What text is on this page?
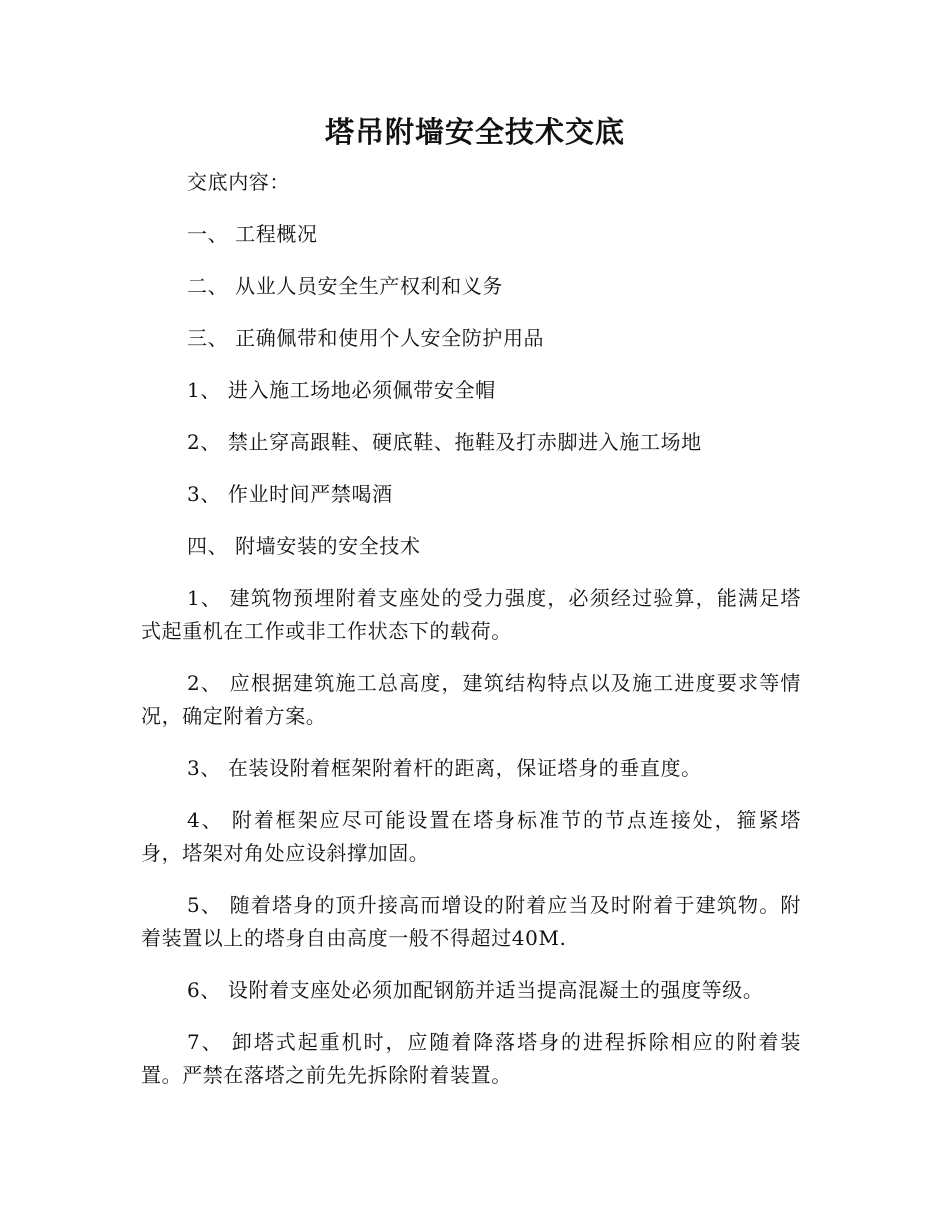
塔吊附墙安全技术交底

交底内容：

一、 工程概况

二、 从业人员安全生产权利和义务

三、 正确佩带和使用个人安全防护用品

1、 进入施工场地必须佩带安全帽

2、 禁止穿高跟鞋、硬底鞋、拖鞋及打赤脚进入施工场地

3、 作业时间严禁喝酒

四、 附墙安装的安全技术

1、 建筑物预埋附着支座处的受力强度，必须经过验算，能满足塔式起重机在工作或非工作状态下的载荷。

2、 应根据建筑施工总高度，建筑结构特点以及施工进度要求等情况，确定附着方案。

3、 在装设附着框架附着杆的距离，保证塔身的垂直度。

4、 附着框架应尽可能设置在塔身标准节的节点连接处，箍紧塔身，塔架对角处应设斜撑加固。

5、 随着塔身的顶升接高而增设的附着应当及时附着于建筑物。附着装置以上的塔身自由高度一般不得超过40M.

6、 设附着支座处必须加配钢筋并适当提高混凝土的强度等级。

7、 卸塔式起重机时，应随着降落塔身的进程拆除相应的附着装置。严禁在落塔之前先先拆除附着装置。
